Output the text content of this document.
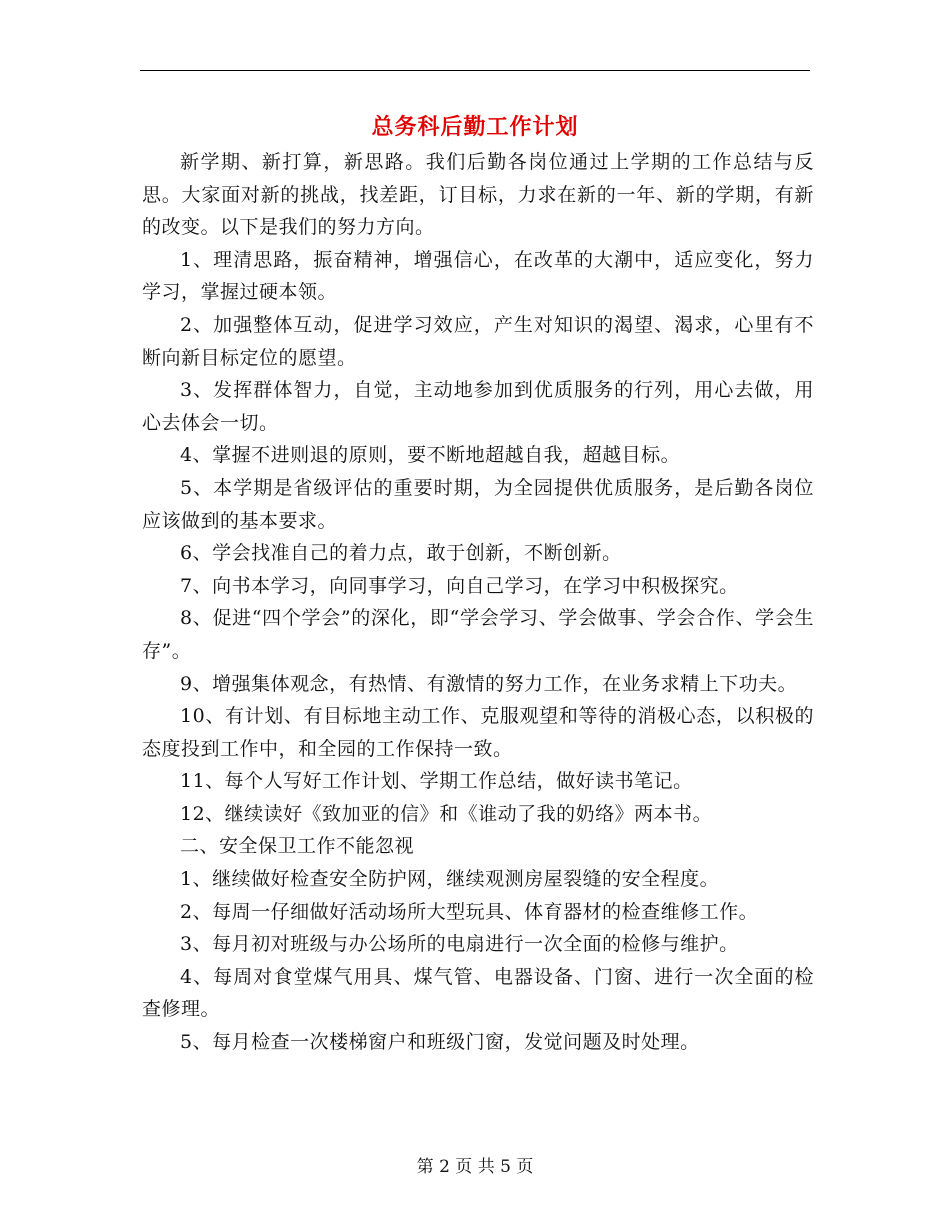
总务科后勤工作计划

新学期、新打算，新思路。我们后勤各岗位通过上学期的工作总结与反思。大家面对新的挑战，找差距，订目标，力求在新的一年、新的学期，有新的改变。以下是我们的努力方向。

1、理清思路，振奋精神，增强信心，在改革的大潮中，适应变化，努力学习，掌握过硬本领。

2、加强整体互动，促进学习效应，产生对知识的渴望、渴求，心里有不断向新目标定位的愿望。

3、发挥群体智力，自觉，主动地参加到优质服务的行列，用心去做，用心去体会一切。

4、掌握不进则退的原则，要不断地超越自我，超越目标。

5、本学期是省级评估的重要时期，为全园提供优质服务，是后勤各岗位应该做到的基本要求。

6、学会找准自己的着力点，敢于创新，不断创新。

7、向书本学习，向同事学习，向自己学习，在学习中积极探究。

8、促进“四个学会”的深化，即“学会学习、学会做事、学会合作、学会生存”。

9、增强集体观念，有热情、有激情的努力工作，在业务求精上下功夫。

10、有计划、有目标地主动工作、克服观望和等待的消极心态，以积极的态度投到工作中，和全园的工作保持一致。

11、每个人写好工作计划、学期工作总结，做好读书笔记。

12、继续读好《致加亚的信》和《谁动了我的奶络》两本书。

二、安全保卫工作不能忽视

1、继续做好检查安全防护网，继续观测房屋裂缝的安全程度。

2、每周一仔细做好活动场所大型玩具、体育器材的检查维修工作。

3、每月初对班级与办公场所的电扇进行一次全面的检修与维护。

4、每周对食堂煤气用具、煤气管、电器设备、门窗、进行一次全面的检查修理。

5、每月检查一次楼梯窗户和班级门窗，发觉问题及时处理。

第 2 页 共 5 页
